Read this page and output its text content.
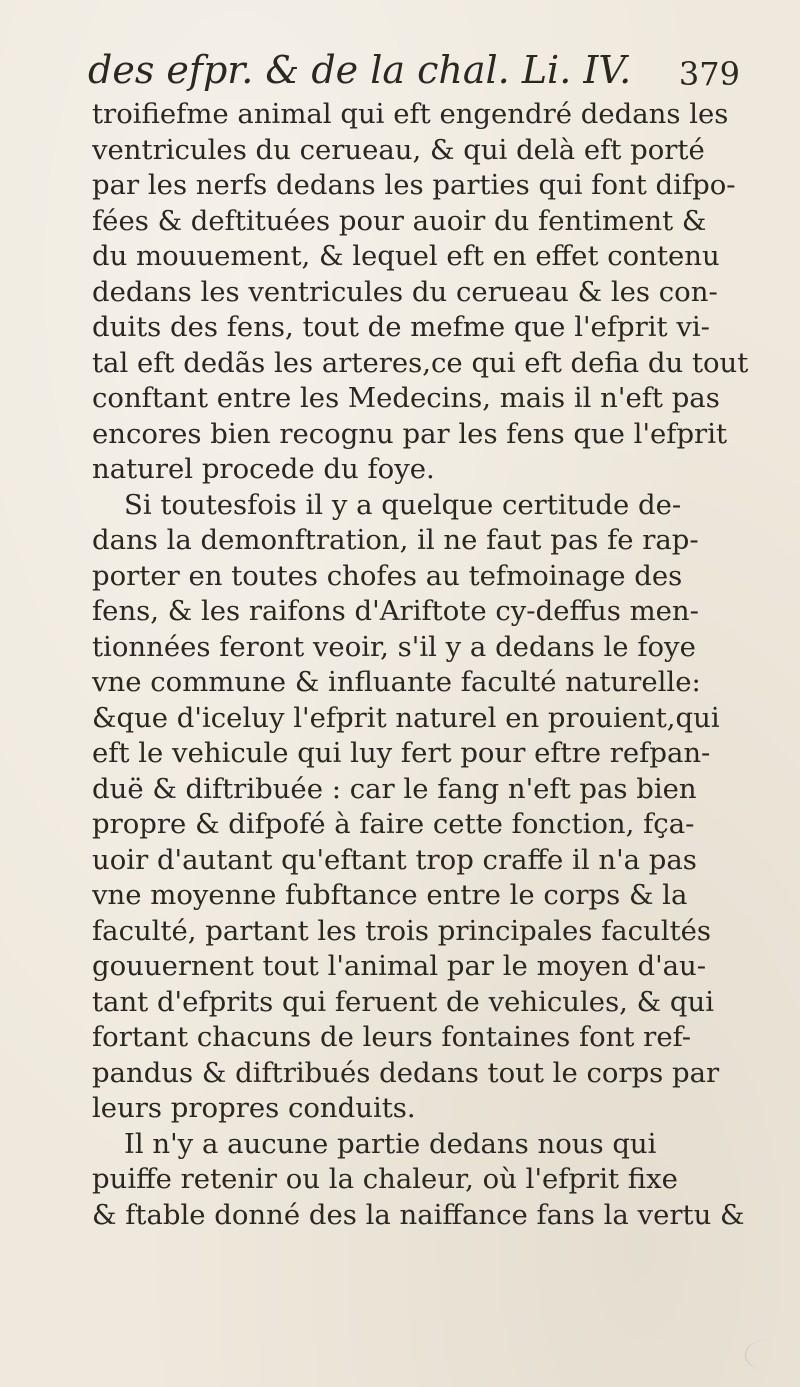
des efpr. & de la chal. Li. IV. 379
troifiefme animal qui eft engendré dedans les
ventricules du cerueau, & qui delà eft porté
par les nerfs dedans les parties qui font difpo-
fées & deftituées pour auoir du fentiment &
du mouuement, & lequel eft en effet contenu
dedans les ventricules du cerueau & les con-
duits des fens, tout de mefme que l'efprit vi-
tal eft dedãs les arteres,ce qui eft defia du tout
conftant entre les Medecins, mais il n'eft pas
encores bien recognu par les fens que l'efprit
naturel procede du foye.
Si toutesfois il y a quelque certitude de-
dans la demonftration, il ne faut pas fe rap-
porter en toutes chofes au tefmoinage des
fens, & les raifons d'Ariftote cy-deffus men-
tionnées feront veoir, s'il y a dedans le foye
vne commune & influante faculté naturelle:
&que d'iceluy l'efprit naturel en prouient,qui
eft le vehicule qui luy fert pour eftre refpan-
duë & diftribuée : car le fang n'eft pas bien
propre & difpofé à faire cette fonction, fça-
uoir d'autant qu'eftant trop craffe il n'a pas
vne moyenne fubftance entre le corps & la
faculté, partant les trois principales facultés
gouuernent tout l'animal par le moyen d'au-
tant d'efprits qui feruent de vehicules, & qui
fortant chacuns de leurs fontaines font ref-
pandus & diftribués dedans tout le corps par
leurs propres conduits.
Il n'y a aucune partie dedans nous qui
puiffe retenir ou la chaleur, où l'efprit fixe
& ftable donné des la naiffance fans la vertu &
